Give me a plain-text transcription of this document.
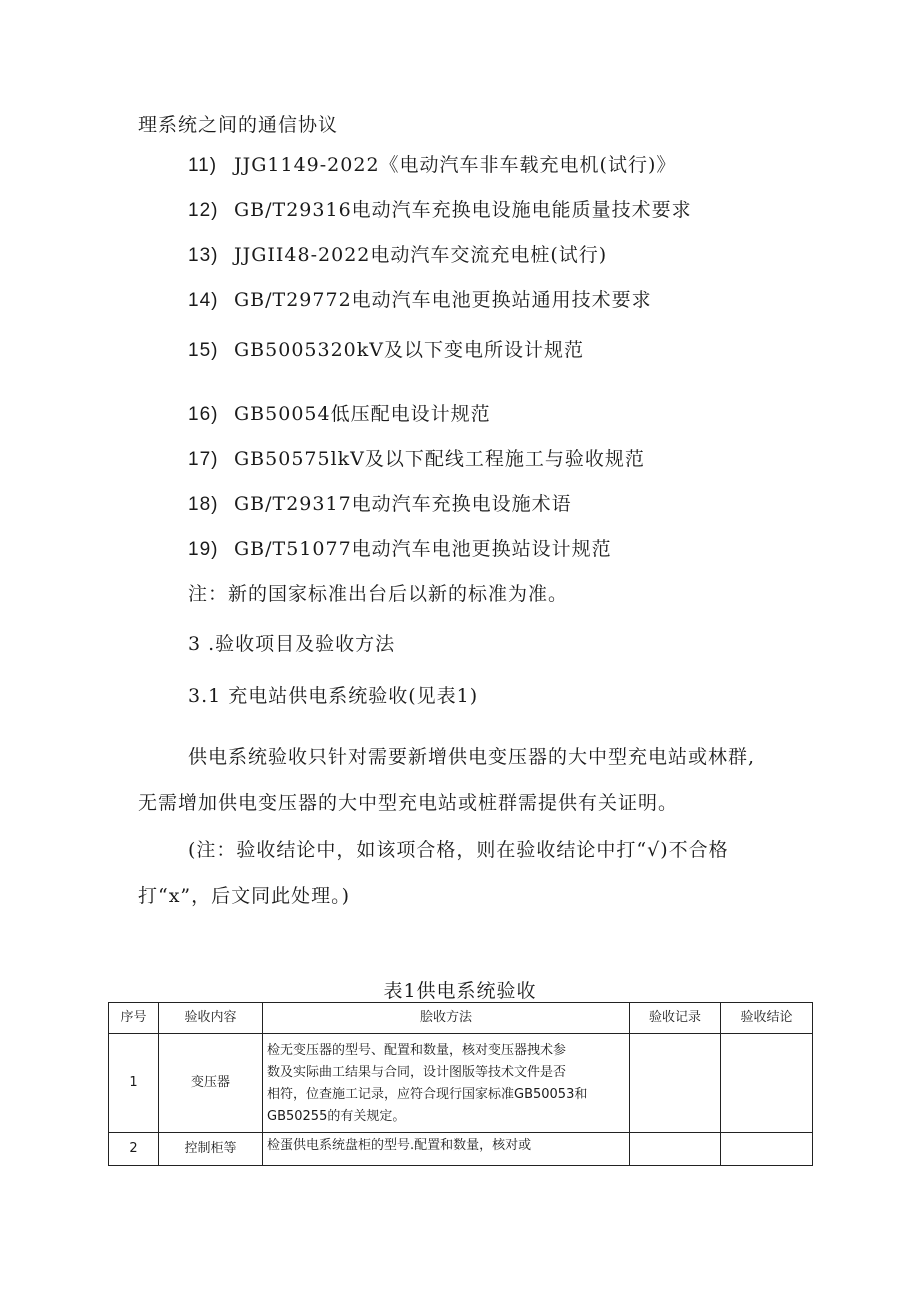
理系统之间的通信协议
11) JJG1149-2022《电动汽车非车载充电机(试行)》
12) GB/T29316电动汽车充换电设施电能质量技术要求
13) JJGII48-2022电动汽车交流充电桩(试行)
14) GB/T29772电动汽车电池更换站通用技术要求
15) GB5005320kV及以下变电所设计规范
16) GB50054低压配电设计规范
17) GB50575lkV及以下配线工程施工与验收规范
18) GB/T29317电动汽车充换电设施术语
19) GB/T51077电动汽车电池更换站设计规范
注：新的国家标准出台后以新的标准为准。
3 .验收项目及验收方法
3.1 充电站供电系统验收(见表1)
供电系统验收只针对需要新增供电变压器的大中型充电站或林群,
无需增加供电变压器的大中型充电站或桩群需提供有关证明。
(注：验收结论中，如该项合格，则在验收结论中打“√)不合格
打“x”，后文同此处理。)
表1供电系统验收
序号	验收内容	脍收方法	验收记录	验收结论
1	变压器	检无变压器的型号、配置和数量，核对变压器拽术参
数及实际曲工结果与合同，设计图版等技术文件是否
相符，位查施工记录，应符合现行国家标准GB50053和
GB50255的有关规定。		

2	控制柜等	检蛋供电系统盘柜的型号.配置和数量，核对或		
